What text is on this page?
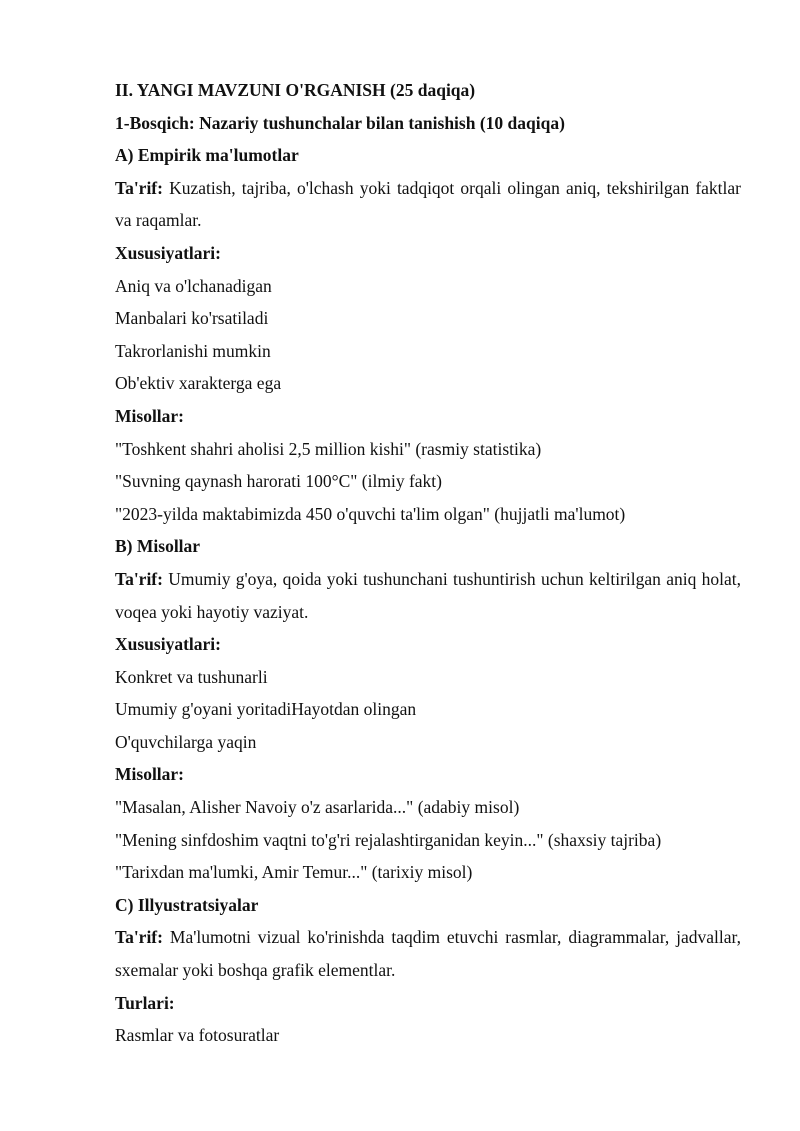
II. YANGI MAVZUNI O'RGANISH (25 daqiqa)
1-Bosqich: Nazariy tushunchalar bilan tanishish (10 daqiqa)
A) Empirik ma'lumotlar
Ta'rif: Kuzatish, tajriba, o'lchash yoki tadqiqot orqali olingan aniq, tekshirilgan faktlar va raqamlar.
Xususiyatlari:
Aniq va o'lchanadigan
Manbalari ko'rsatiladi
Takrorlanishi mumkin
Ob'ektiv xarakterga ega
Misollar:
"Toshkent shahri aholisi 2,5 million kishi" (rasmiy statistika)
"Suvning qaynash harorati 100°C" (ilmiy fakt)
"2023-yilda maktabimizda 450 o'quvchi ta'lim olgan" (hujjatli ma'lumot)
B) Misollar
Ta'rif: Umumiy g'oya, qoida yoki tushunchani tushuntirish uchun keltirilgan aniq holat, voqea yoki hayotiy vaziyat.
Xususiyatlari:
Konkret va tushunarli
Umumiy g'oyani yoritadiHayotdan olingan
O'quvchilarga yaqin
Misollar:
"Masalan, Alisher Navoiy o'z asarlarida..." (adabiy misol)
"Mening sinfdoshim vaqtni to'g'ri rejalashtirganidan keyin..." (shaxsiy tajriba)
"Tarixdan ma'lumki, Amir Temur..." (tarixiy misol)
C) Illyustratsiyalar
Ta'rif: Ma'lumotni vizual ko'rinishda taqdim etuvchi rasmlar, diagrammalar, jadvallar, sxemalar yoki boshqa grafik elementlar.
Turlari:
Rasmlar va fotosuratlar
